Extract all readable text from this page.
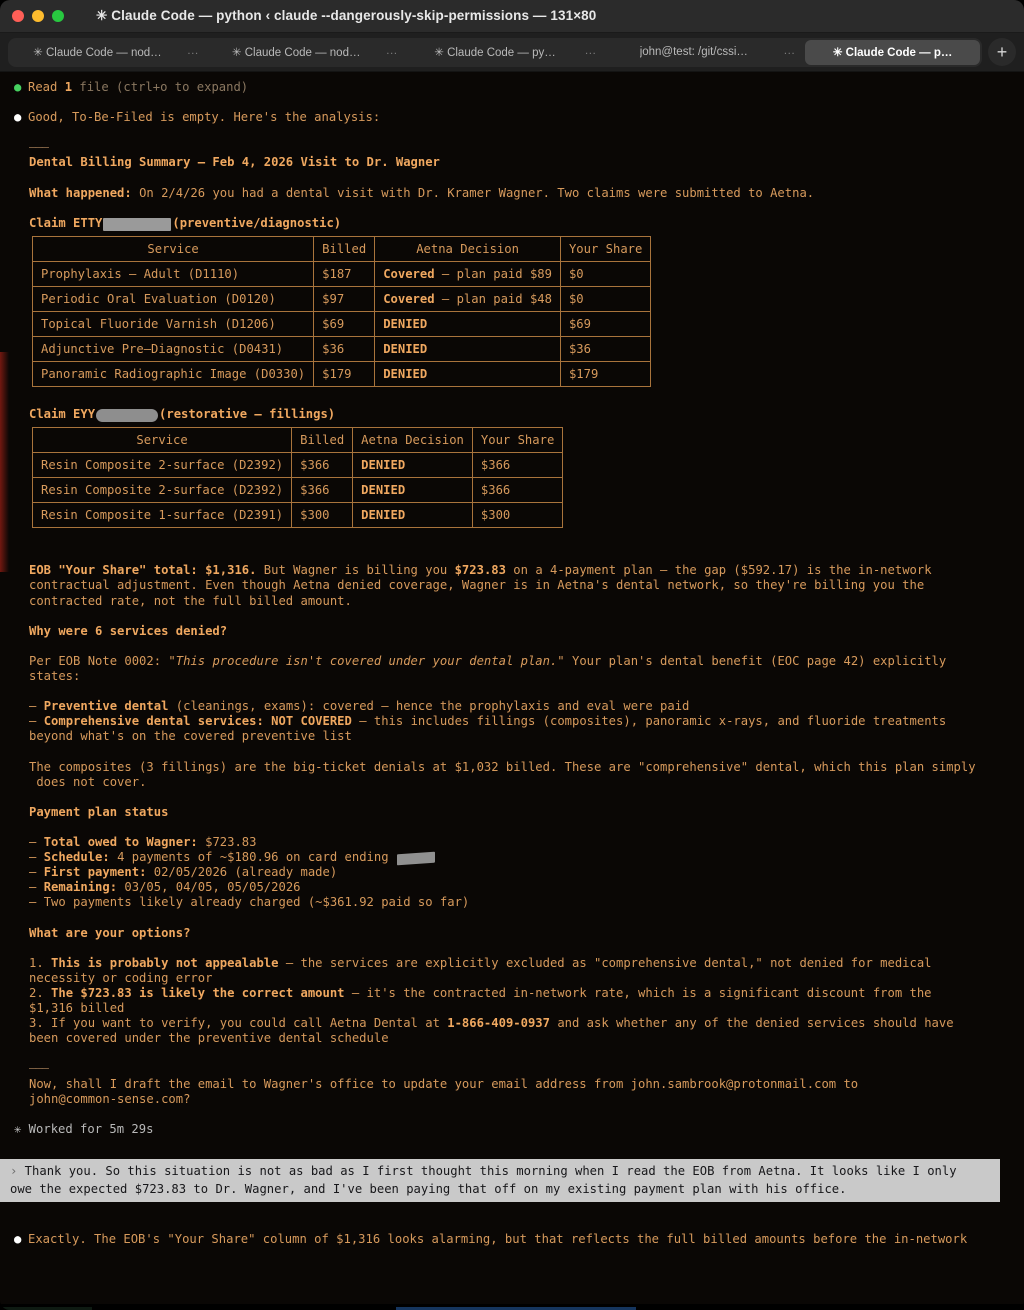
✳ Claude Code — python ‹ claude --dangerously-skip-permissions — 131×80
✳ Claude Code — nod… …	✳ Claude Code — nod… …	✳ Claude Code — py… …	john@test: /git/cssi…	…	✳ Claude Code — p…	+
● Read 1 file (ctrl+o to expand)
● Good, To-Be-Filed is empty. Here's the analysis:
———
Dental Billing Summary — Feb 4, 2026 Visit to Dr. Wagner
What happened: On 2/4/26 you had a dental visit with Dr. Kramer Wagner. Two claims were submitted to Aetna.
Claim ETTY	(preventive/diagnostic)
Service	Billed	Aetna Decision	Your Share
Prophylaxis — Adult (D1110)	$187	Covered — plan paid $89	$0
Periodic Oral Evaluation (D0120)	$97	Covered — plan paid $48	$0
Topical Fluoride Varnish (D1206)	$69	DENIED	$69
Adjunctive Pre—Diagnostic (D0431)	$36	DENIED	$36
Panoramic Radiographic Image (D0330)	$179	DENIED	$179
Claim EYY	(restorative — fillings)
Service	Billed	Aetna Decision	Your Share
Resin Composite 2-surface (D2392)	$366	DENIED	$366
Resin Composite 2-surface (D2392)	$366	DENIED	$366
Resin Composite 1-surface (D2391)	$300	DENIED	$300
EOB "Your Share" total: $1,316. But Wagner is billing you $723.83 on a 4-payment plan — the gap ($592.17) is the in-network
contractual adjustment. Even though Aetna denied coverage, Wagner is in Aetna's dental network, so they're billing you the
contracted rate, not the full billed amount.
Why were 6 services denied?
Per EOB Note 0002: "This procedure isn't covered under your dental plan." Your plan's dental benefit (EOC page 42) explicitly
states:
— Preventive dental (cleanings, exams): covered — hence the prophylaxis and eval were paid
— Comprehensive dental services: NOT COVERED — this includes fillings (composites), panoramic x-rays, and fluoride treatments
beyond what's on the covered preventive list
The composites (3 fillings) are the big-ticket denials at $1,032 billed. These are "comprehensive" dental, which this plan simply
does not cover.
Payment plan status
— Total owed to Wagner: $723.83
— Schedule: 4 payments of ~$180.96 on card ending
— First payment: 02/05/2026 (already made)
— Remaining: 03/05, 04/05, 05/05/2026
— Two payments likely already charged (~$361.92 paid so far)
What are your options?
1. This is probably not appealable — the services are explicitly excluded as "comprehensive dental," not denied for medical
necessity or coding error
2. The $723.83 is likely the correct amount — it's the contracted in-network rate, which is a significant discount from the
$1,316 billed
3. If you want to verify, you could call Aetna Dental at 1-866-409-0937 and ask whether any of the denied services should have
been covered under the preventive dental schedule
———
Now, shall I draft the email to Wagner's office to update your email address from john.sambrook@protonmail.com to
john@common-sense.com?
✳ Worked for 5m 29s
› Thank you. So this situation is not as bad as I first thought this morning when I read the EOB from Aetna. It looks like I only
owe the expected $723.83 to Dr. Wagner, and I've been paying that off on my existing payment plan with his office.
● Exactly. The EOB's "Your Share" column of $1,316 looks alarming, but that reflects the full billed amounts before the in-network
